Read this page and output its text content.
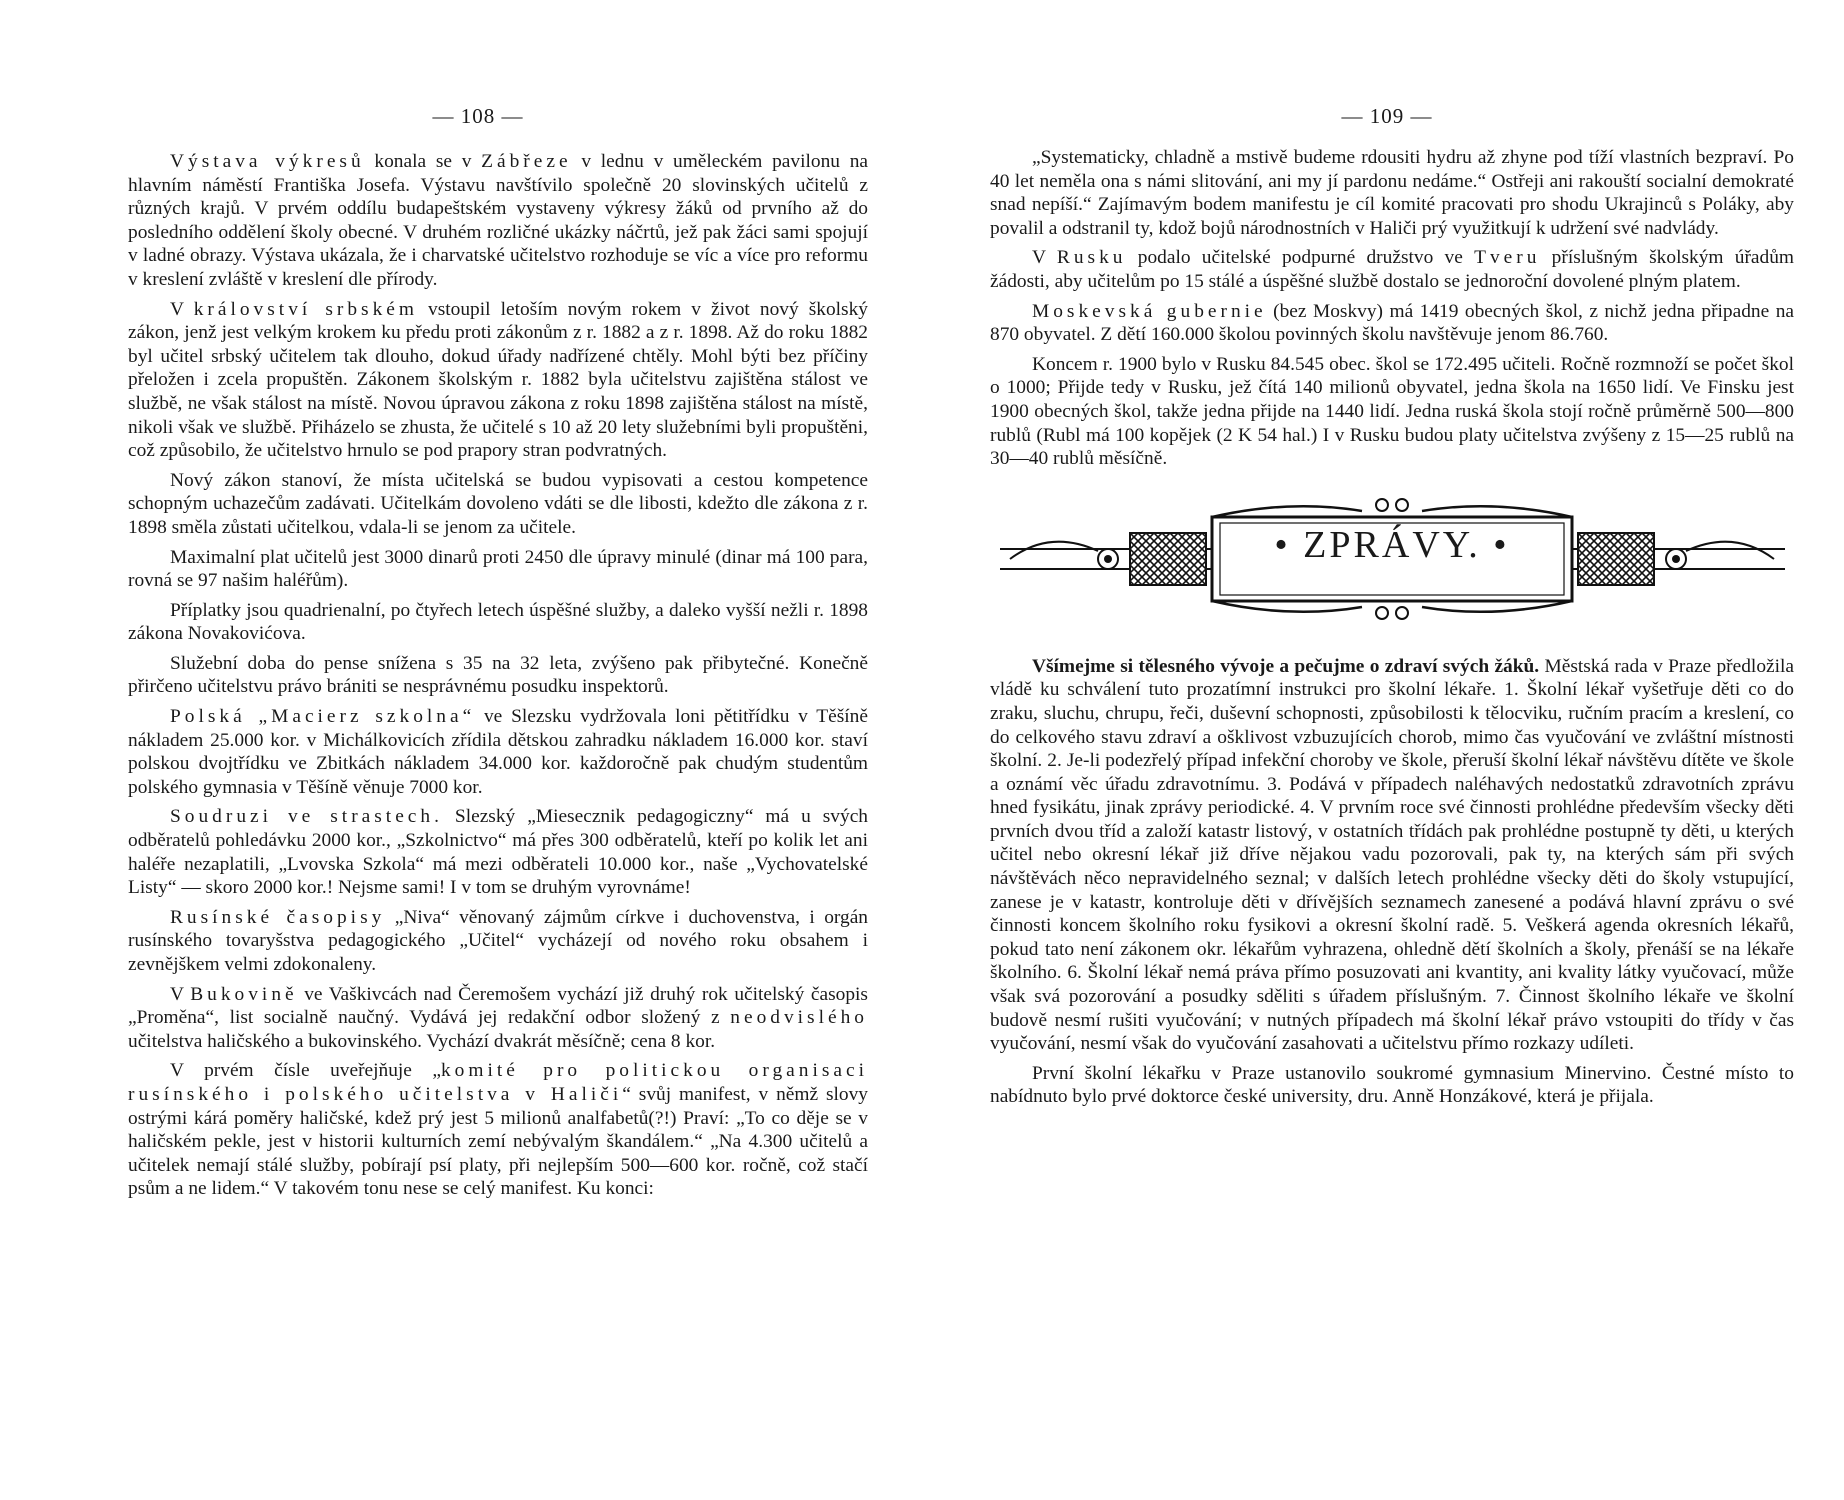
— 108 —

Výstava výkresů konala se v Zábřeze v lednu v uměleckém pavilonu na hlavním náměstí Františka Josefa. Výstavu navštívilo společně 20 slovinských učitelů z různých krajů. V prvém oddílu budapeštském vystaveny výkresy žáků od prvního až do posledního oddělení školy obecné. V druhém rozličné ukázky náčrtů, jež pak žáci sami spojují v ladné obrazy. Výstava ukázala, že i charvatské učitelstvo rozhoduje se víc a více pro reformu v kreslení zvláště v kreslení dle přírody.

V království srbském vstoupil letoším novým rokem v život nový školský zákon, jenž jest velkým krokem ku předu proti zákonům z r. 1882 a z r. 1898. Až do roku 1882 byl učitel srbský učitelem tak dlouho, dokud úřady nadřízené chtěly. Mohl býti bez příčiny přeložen i zcela propuštěn. Zákonem školským r. 1882 byla učitelstvu zajištěna stálost ve službě, ne však stálost na místě. Novou úpravou zákona z roku 1898 zajištěna stálost na místě, nikoli však ve službě. Přiházelo se zhusta, že učitelé s 10 až 20 lety služebními byli propuštěni, což způsobilo, že učitelstvo hrnulo se pod prapory stran podvratných.

Nový zákon stanoví, že místa učitelská se budou vypisovati a cestou kompetence schopným uchazečům zadávati. Učitelkám dovoleno vdáti se dle libosti, kdežto dle zákona z r. 1898 směla zůstati učitelkou, vdala-li se jenom za učitele.

Maximalní plat učitelů jest 3000 dinarů proti 2450 dle úpravy minulé (dinar má 100 para, rovná se 97 našim haléřům).

Příplatky jsou quadrienalní, po čtyřech letech úspěšné služby, a daleko vyšší nežli r. 1898 zákona Novakovićova.

Služební doba do pense snížena s 35 na 32 leta, zvýšeno pak přibytečné. Konečně přirčeno učitelstvu právo brániti se nesprávnému posudku inspektorů.

Polská „Macierz szkolna“ ve Slezsku vydržovala loni pětitřídku v Těšíně nákladem 25.000 kor. v Michálkovicích zřídila dětskou zahradku nákladem 16.000 kor. staví polskou dvojtřídku ve Zbitkách nákladem 34.000 kor. každoročně pak chudým studentům polského gymnasia v Těšíně věnuje 7000 kor.

Soudruzi ve strastech. Slezský „Miesecznik pedagogiczny“ má u svých odběratelů pohledávku 2000 kor., „Szkolnictvo“ má přes 300 odběratelů, kteří po kolik let ani haléře nezaplatili, „Lvovska Szkola“ má mezi odběrateli 10.000 kor., naše „Vychovatelské Listy“ — skoro 2000 kor.! Nejsme sami! I v tom se druhým vyrovnáme!

Rusínské časopisy „Niva“ věnovaný zájmům církve i duchovenstva, i orgán rusínského tovaryšstva pedagogického „Učitel“ vycházejí od nového roku obsahem i zevnějškem velmi zdokonaleny.

V Bukovině ve Vaškivcách nad Čeremošem vychází již druhý rok učitelský časopis „Proměna“, list socialně naučný. Vydává jej redakční odbor složený z neodvislého učitelstva haličského a bukovinského. Vychází dvakrát měsíčně; cena 8 kor.

V prvém čísle uveřejňuje „komité pro politickou organisaci rusínského i polského učitelstva v Haliči“ svůj manifest, v němž slovy ostrými kárá poměry haličské, kdež prý jest 5 milionů analfabetů(?!) Praví: „To co děje se v haličském pekle, jest v historii kulturních zemí nebývalým škandálem.“ „Na 4.300 učitelů a učitelek nemají stálé služby, pobírají psí platy, při nejlepším 500—600 kor. ročně, což stačí psům a ne lidem.“ V takovém tonu nese se celý manifest. Ku konci:

— 109 —

„Systematicky, chladně a mstivě budeme rdousiti hydru až zhyne pod tíží vlastních bezpraví. Po 40 let neměla ona s námi slitování, ani my jí pardonu nedáme.“ Ostřeji ani rakouští socialní demokraté snad nepíší.“ Zajímavým bodem manifestu je cíl komité pracovati pro shodu Ukrajinců s Poláky, aby povalil a odstranil ty, kdož bojů národnostních v Haliči prý využitkují k udržení své nadvlády.

V Rusku podalo učitelské podpurné družstvo ve Tveru příslušným školským úřadům žádosti, aby učitelům po 15 stálé a úspěšné službě dostalo se jednoroční dovolené plným platem.

Moskevská gubernie (bez Moskvy) má 1419 obecných škol, z nichž jedna připadne na 870 obyvatel. Z dětí 160.000 školou povinných školu navštěvuje jenom 86.760.

Koncem r. 1900 bylo v Rusku 84.545 obec. škol se 172.495 učiteli. Ročně rozmnoží se počet škol o 1000; Přijde tedy v Rusku, jež čítá 140 milionů obyvatel, jedna škola na 1650 lidí. Ve Finsku jest 1900 obecných škol, takže jedna přijde na 1440 lidí. Jedna ruská škola stojí ročně průměrně 500—800 rublů (Rubl má 100 kopějek (2 K 54 hal.) I v Rusku budou platy učitelstva zvýšeny z 15—25 rublů na 30—40 rublů měsíčně.

• ZPRÁVY. •

Všímejme si tělesného vývoje a pečujme o zdraví svých žáků. Městská rada v Praze předložila vládě ku schválení tuto prozatímní instrukci pro školní lékaře. 1. Školní lékař vyšetřuje děti co do zraku, sluchu, chrupu, řeči, duševní schopnosti, způsobilosti k tělocviku, ručním pracím a kreslení, co do celkového stavu zdraví a ošklivost vzbuzujících chorob, mimo čas vyučování ve zvláštní místnosti školní. 2. Je-li podezřelý případ infekční choroby ve škole, přeruší školní lékař návštěvu dítěte ve škole a oznámí věc úřadu zdravotnímu. 3. Podává v případech naléhavých nedostatků zdravotních zprávu hned fysikátu, jinak zprávy periodické. 4. V prvním roce své činnosti prohlédne především všecky děti prvních dvou tříd a založí katastr listový, v ostatních třídách pak prohlédne postupně ty děti, u kterých učitel nebo okresní lékař již dříve nějakou vadu pozorovali, pak ty, na kterých sám při svých návštěvách něco nepravidelného seznal; v dalších letech prohlédne všecky děti do školy vstupující, zanese je v katastr, kontroluje děti v dřívějších seznamech zanesené a podává hlavní zprávu o své činnosti koncem školního roku fysikovi a okresní školní radě. 5. Veškerá agenda okresních lékařů, pokud tato není zákonem okr. lékařům vyhrazena, ohledně dětí školních a školy, přenáší se na lékaře školního. 6. Školní lékař nemá práva přímo posuzovati ani kvantity, ani kvality látky vyučovací, může však svá pozorování a posudky sděliti s úřadem příslušným. 7. Činnost školního lékaře ve školní budově nesmí rušiti vyučování; v nutných případech má školní lékař právo vstoupiti do třídy v čas vyučování, nesmí však do vyučování zasahovati a učitelstvu přímo rozkazy udíleti.

První školní lékařku v Praze ustanovilo soukromé gymnasium Minervino. Čestné místo to nabídnuto bylo prvé doktorce české university, dru. Anně Honzákové, která je přijala.
